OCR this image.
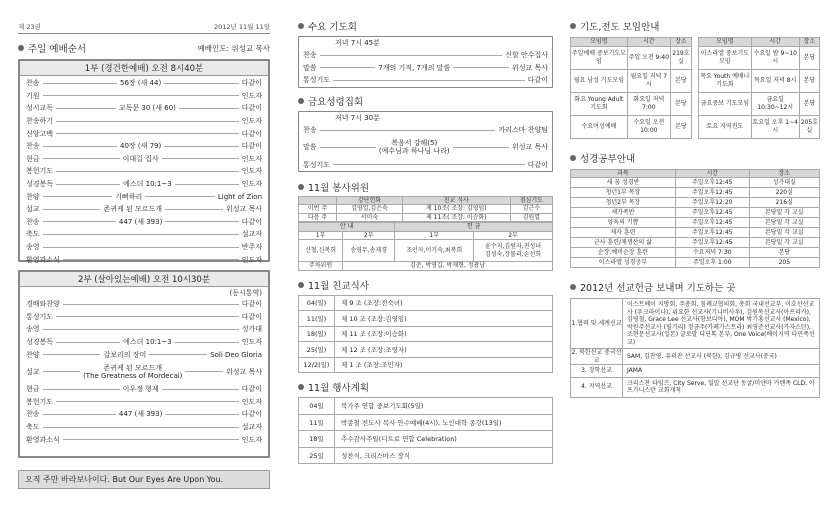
제 23권	2012년 11월 11일
주일 예배순서	예배인도: 위성교 목사
1부 (경건한예배) 오전 8시40분
찬송	56장 (새 44)	다같이
기원	인도자
성시교독	교독문 30 (새 60)	다같이
찬송하기	인도자
신앙고백	다같이
찬송	40장 (새 79)	다같이
현금	이대길 집사	인도자
봉헌기도	인도자
성경봉독	에스더 10:1~3	인도자
찬양	기뻐하리	Light of Zion
설교	존귀케 된 모르드개	위성교 목사
찬송	447 (새 393)	다같이
축도	설교자
송영	반주자
환영과소식	인도자
2부 (살아있는예배) 오전 10시30분
(동시통역)
경배와찬양	다같이
통성기도	다같이
송영	성가대
성경봉독	에스더 10:1~3	인도자
찬양	갈보리의 장미	Soli Deo Gloria
설교
존귀케 된 모르드개
(The Greatness of Mordecai)	위성교 목사
현금	이우정 형제	다같이
봉헌기도	인도자
찬송	447 (새 393)	다같이
축도	설교자
환영과소식	인도자
오직 주만 바라보나이다. But Our Eyes Are Upon You.
수요 기도회
저녁 7시 45분
찬송	신할 안수집사
말씀	7개의 기적, 7개의 말씀	위성교 목사
통성기도	다같이
금요성령집회
저녁 7시 30분
찬송	카리스마 찬양팀
말씀
복음서 강해(5)
(예수님과 하나님 나라)	위성교 목사
통성기도	다같이
11월 봉사위원
	강단헌화	친교 식사	점심기도
이번 주	김영일,김은숙	제 10조( 조장: 김영임)	김근수
다음 주	서미숙	제 11조( 조장: 이승화)	김원열
안 내		헌 금	
1부	2부	1부	2부
신철,신복희	송영무,송재경	조인자,이기숙,최복희	윤수지,김원자,전성녀
김성숙,장물리,손선희
주차위원	김준, 박영길, 박재형, 정광남		
11월 친교식사
04(일)	제 9 조 (조장:전숙녀)
11(일)	제 10 조 (조장:김영임)
18(일)	제 11 조 (조장:이승화)
25(일)	제 12 조 (조장:조영자)
12/2(일)	제 1 조 (조장:조민자)
11월 행사계획
04일	북가주 연합 중보기도회(5일)
11일	박종철 전도사 목사 안수예배(4시), 노인대학 종강(13일)
18일	추수감사주일(디트로 연합 Celebration)
25일	성찬식, 크리스마스 장식
기도,전도 모임안내
모임명	시간	장소
주일예배 중보기도모임	주일 오전 9:40	219호실
월요 남성 기도모임	월요일 저녁 7시	본당
화요 Young Adult 기도회	화요일 저녁7:00	본당
수요여성예배	수요일 오전 10:00	본당
모임명	시간	장소
이스라엘 중보기도모임	수요일 밤 9~10시	본당
목요 Youth 예배나 기도회	목요일 저녁 8시	본당
금요중보 기도모임	금요일 10:30~12시	본당
토요 지역전도	토요일 오후 1~4시	205호실
성경공부안내
과목	시간	장소
새 꿈 성경반	주일오후12:45	성가대실
청년1부 목장	주일오후12:45	220실
청년2부 목장	주일오후12:20	216실
새가족반	주일오후12:45	본당밑 각 교실
양육의 기쁨	주일오후12:45	본당밑 각 교실
제자 훈련	주일오후12:45	본당밑 각 교실
군사 훈련/재생산의 삶	주일오후12:45	본당밑 각 교실
순장,예비순장 훈련	수요저녁 7:30	본당
이스라엘 성경공부	주일오후 1:00	205
2012년 선교헌금 보내며 기도하는 곳
1.협력 및 세계선교	이스트베이 지방회, 주총회, 침례교협의회, 총회 국내선교부, 이호선선교사 (우크라이나), 위요한 선교사(기니비사우), 김원목선교사(아프리카), 김영철, Grace Lee 선교사(항보디아), MOM 박기홍선교사 (Mexico), 박원주선교사 (필기리) 정금주(카페가스트라) 최영준선교사(카자스탄), 조현문선교사(일본) 글로발 디딘톡 본부, One Voice(베이지역 다민족선교)
2. 북한선교 중국선교	SAM, 김찬영, 유의찬 선교사 (북한), 김규병 선교사(중국)
3. 장학선교	JAMA
4. 지역선교	크리스찬 타임즈, City Serve, 밀알 선교단 동굴/미얀마 카렌족 CLD, 아프가니스탄 교회개척
